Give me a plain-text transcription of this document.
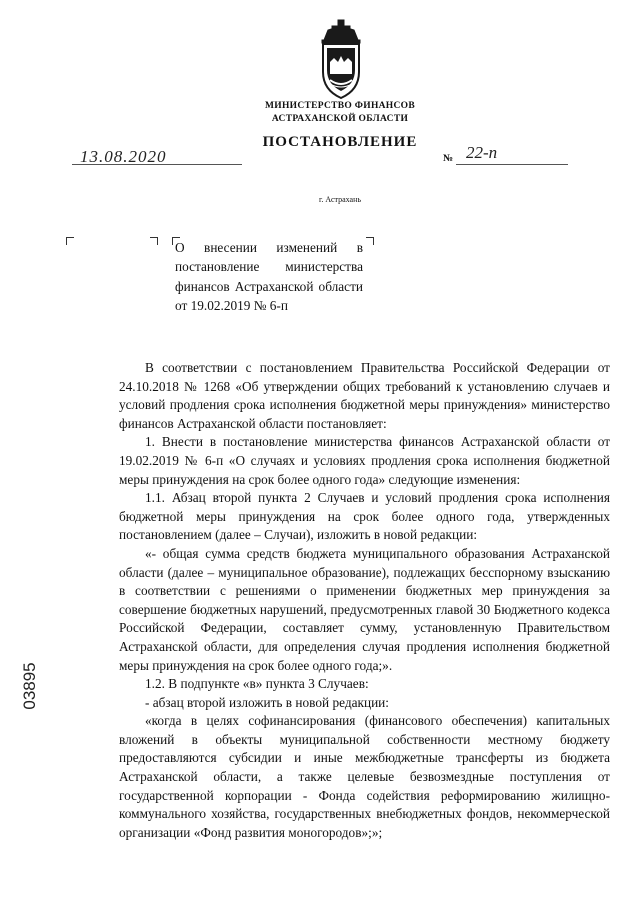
МИНИСТЕРСТВО ФИНАНСОВ
АСТРАХАНСКОЙ ОБЛАСТИ
ПОСТАНОВЛЕНИЕ
13.08.2020	№ 22-п
г. Астрахань
О внесении изменений в постановление министерства финансов Астраханской области от 19.02.2019 № 6-п
03895

В соответствии с постановлением Правительства Российской Федерации от 24.10.2018 № 1268 «Об утверждении общих требований к установлению случаев и условий продления срока исполнения бюджетной меры принуждения» министерство финансов Астраханской области постановляет:

1. Внести в постановление министерства финансов Астраханской области от 19.02.2019 № 6-п «О случаях и условиях продления срока исполнения бюджетной меры принуждения на срок более одного года» следующие изменения:

1.1. Абзац второй пункта 2 Случаев и условий продления срока исполнения бюджетной меры принуждения на срок более одного года, утвержденных постановлением (далее – Случаи), изложить в новой редакции:

«- общая сумма средств бюджета муниципального образования Астраханской области (далее – муниципальное образование), подлежащих бесспорному взысканию в соответствии с решениями о применении бюджетных мер принуждения за совершение бюджетных нарушений, предусмотренных главой 30 Бюджетного кодекса Российской Федерации, составляет сумму, установленную Правительством Астраханской области, для определения случая продления исполнения бюджетной меры принуждения на срок более одного года;».

1.2. В подпункте «в» пункта 3 Случаев:

- абзац второй изложить в новой редакции:

«когда в целях софинансирования (финансового обеспечения) капитальных вложений в объекты муниципальной собственности местному бюджету предоставляются субсидии и иные межбюджетные трансферты из бюджета Астраханской области, а также целевые безвозмездные поступления от государственной корпорации - Фонда содействия реформированию жилищно-коммунального хозяйства, государственных внебюджетных фондов, некоммерческой организации «Фонд развития моногородов»;»;
